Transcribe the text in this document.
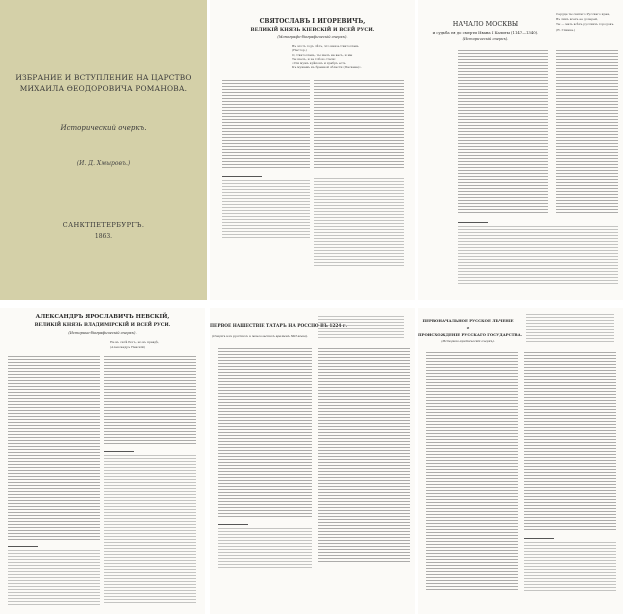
ИЗБРАНИЕ И ВСТУПЛЕНИЕ НА ЦАРСТВО
МИХАИЛА ӨЕОДОРОВИЧА РОМАНОВА.
Исторический очеркъ.
(И. Д. Хмыровъ.)
САНКТПЕТЕРБУРГЪ.
1863.
СВЯТОСЛАВЪ I ИГОРЕВИЧЪ,
ВЕЛИКІЙ КНЯЗЬ КІЕВСКІЙ И ВСЕЙ РУСИ.
(Монографо-біографическій очеркъ).
Въ этотъ годъ лѣтъ, что князь Святославъ
(Нестор.)
О, Святославъ, ты шелъ на васъ, и мы
Ты шелъ, и за тобою стали:
«Сіи мужъ крѣпокъ и храбръ есть
Къ мужамъ въ бранной области (Паскева)».
НАЧАЛО МОСКВЫ
и судьба ея до смерти Ивана I Калиты (1147—1340).
(Историческій очеркъ).
Сердце ты святаго Русскаго края,
Въ ликъ всехъ ее дочерей,
Ты — мать всѣхъ русскихъ городовъ.
(Ѳ. Глинка.)
АЛЕКСАНДРЪ ЯРОСЛАВИЧЪ НЕВСКІЙ,
ВЕЛИКІЙ КНЯЗЬ ВЛАДИМІРСКІЙ И ВСЕЙ РУСИ.
(Историко-біографическій очеркъ).
Не въ силѣ Богъ, но въ правдѣ,
(Александръ Невскій)
ПЕРВОЕ НАШЕСТВІЕ ТАТАРЪ НА РОССІЮ ВЪ 1224 г.
(Очеркъ изъ русскихъ и монгольскихъ временъ XIII вѣка).
ПЕРВОНАЧАЛЬНОЕ РУССКОЕ ЛѢЧЕНІЕ
и
ПРОИСХОЖДЕНІЕ РУССКАГО ГОСУДАРСТВА.
(Историко-критическій очеркъ).
